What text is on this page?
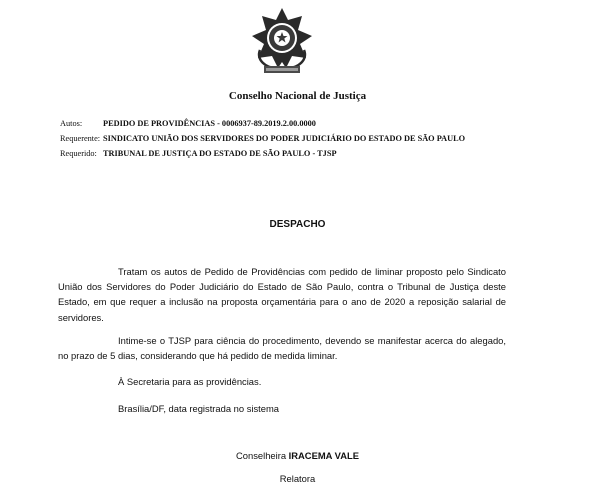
Conselho Nacional de Justiça
Autos:	PEDIDO DE PROVIDÊNCIAS - 0006937-89.2019.2.00.0000
Requerente: SINDICATO UNIÃO DOS SERVIDORES DO PODER JUDICIÁRIO DO ESTADO DE SÃO PAULO
Requerido: TRIBUNAL DE JUSTIÇA DO ESTADO DE SÃO PAULO - TJSP
DESPACHO
Tratam os autos de Pedido de Providências com pedido de liminar proposto pelo Sindicato União dos Servidores do Poder Judiciário do Estado de São Paulo, contra o Tribunal de Justiça deste Estado, em que requer a inclusão na proposta orçamentária para o ano de 2020 a reposição salarial de servidores.
Intime-se o TJSP para ciência do procedimento, devendo se manifestar acerca do alegado, no prazo de 5 dias, considerando que há pedido de medida liminar.
À Secretaria para as providências.
Brasília/DF, data registrada no sistema
Conselheira IRACEMA VALE
Relatora
